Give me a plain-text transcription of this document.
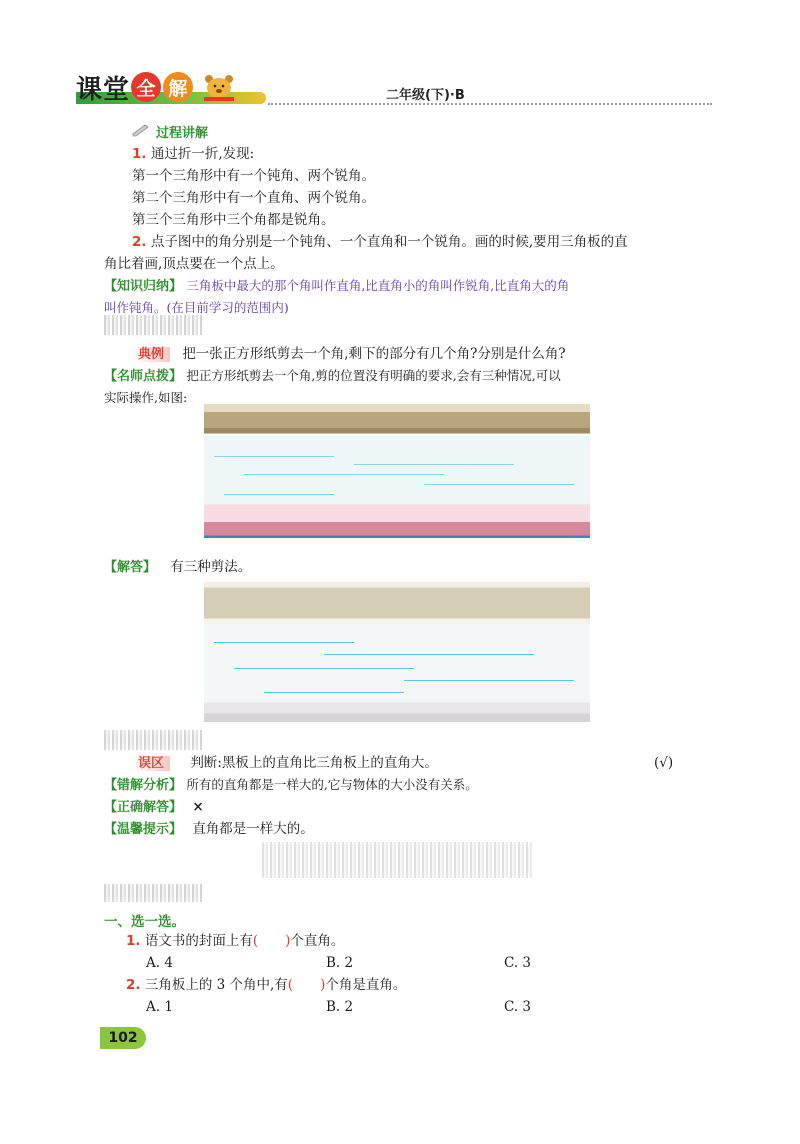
课 堂 全 解	二年级(下)·B
过程讲解
1. 通过折一折,发现:
第一个三角形中有一个钝角、两个锐角。
第二个三角形中有一个直角、两个锐角。
第三个三角形中三个角都是锐角。
2. 点子图中的角分别是一个钝角、一个直角和一个锐角。画的时候,要用三角板的直
角比着画,顶点要在一个点上。
【知识归纳】 三角板中最大的那个角叫作直角,比直角小的角叫作锐角,比直角大的角
叫作钝角。(在目前学习的范围内)
典例 把一张正方形纸剪去一个角,剩下的部分有几个角?分别是什么角?
【名师点拨】 把正方形纸剪去一个角,剪的位置没有明确的要求,会有三种情况,可以
实际操作,如图:
【解答】 有三种剪法。
误区 判断:黑板上的直角比三角板上的直角大。	(√)
【错解分析】 所有的直角都是一样大的,它与物体的大小没有关系。
【正确解答】 ×
【温馨提示】 直角都是一样大的。
一、选一选。
1. 语文书的封面上有(　　)个直角。
A. 4	B. 2	C. 3
2. 三角板上的 3 个角中,有(　　)个角是直角。
A. 1	B. 2	C. 3
102
